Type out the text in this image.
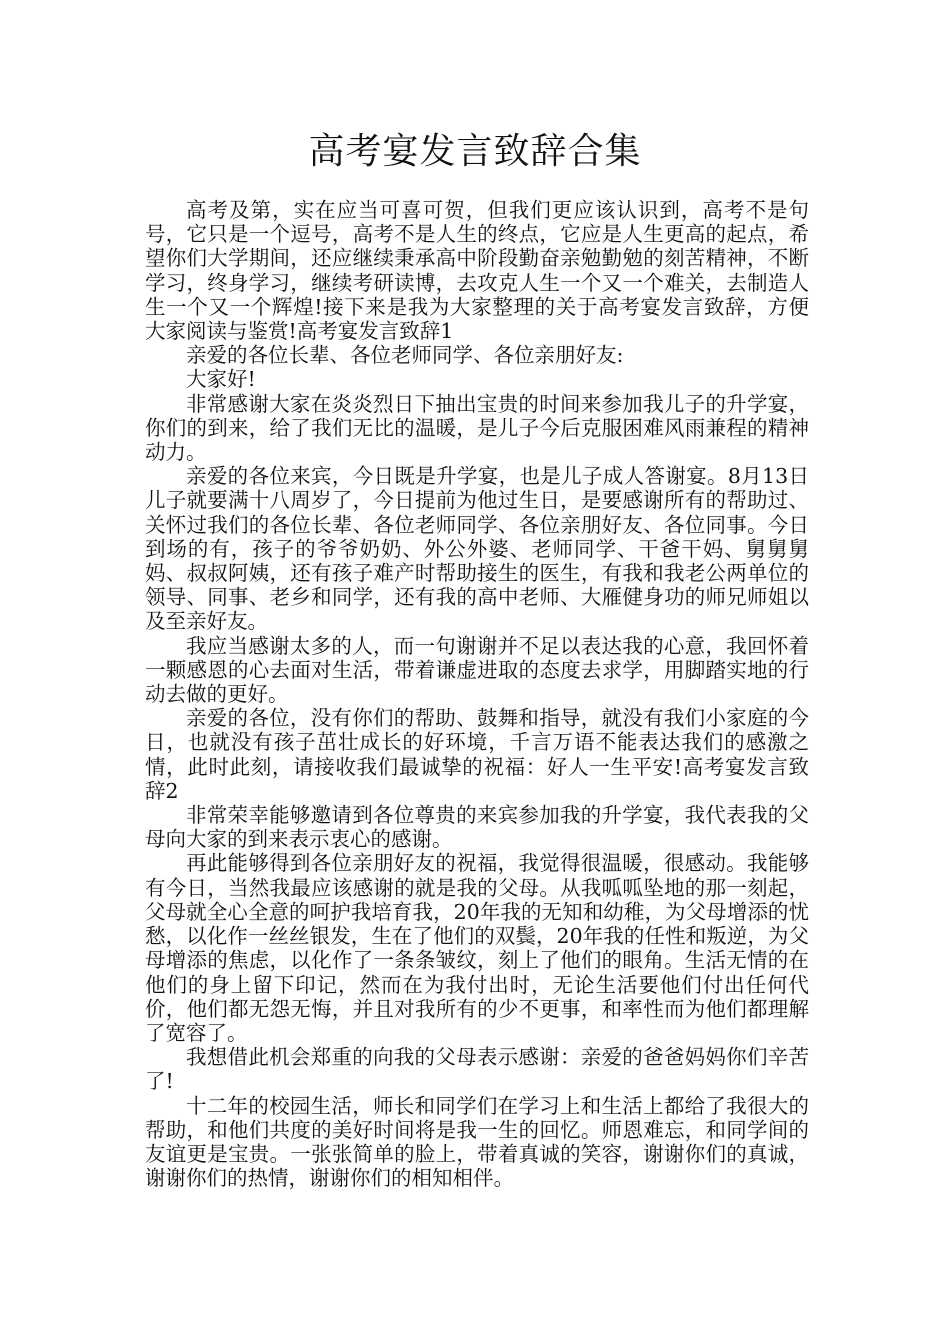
高考宴发言致辞合集

高考及第，实在应当可喜可贺，但我们更应该认识到，高考不是句号，它只是一个逗号，高考不是人生的终点，它应是人生更高的起点，希望你们大学期间，还应继续秉承高中阶段勤奋亲勉勤勉的刻苦精神，不断学习，终身学习，继续考研读博，去攻克人生一个又一个难关，去制造人生一个又一个辉煌!接下来是我为大家整理的关于高考宴发言致辞，方便大家阅读与鉴赏!高考宴发言致辞1

亲爱的各位长辈、各位老师同学、各位亲朋好友:

大家好!

非常感谢大家在炎炎烈日下抽出宝贵的时间来参加我儿子的升学宴，你们的到来，给了我们无比的温暖，是儿子今后克服困难风雨兼程的精神动力。

亲爱的各位来宾，今日既是升学宴，也是儿子成人答谢宴。8月13日儿子就要满十八周岁了，今日提前为他过生日，是要感谢所有的帮助过、关怀过我们的各位长辈、各位老师同学、各位亲朋好友、各位同事。今日到场的有，孩子的爷爷奶奶、外公外婆、老师同学、干爸干妈、舅舅舅妈、叔叔阿姨，还有孩子难产时帮助接生的医生，有我和我老公两单位的领导、同事、老乡和同学，还有我的高中老师、大雁健身功的师兄师姐以及至亲好友。

我应当感谢太多的人，而一句谢谢并不足以表达我的心意，我回怀着一颗感恩的心去面对生活，带着谦虚进取的态度去求学，用脚踏实地的行动去做的更好。

亲爱的各位，没有你们的帮助、鼓舞和指导，就没有我们小家庭的今日，也就没有孩子茁壮成长的好环境，千言万语不能表达我们的感激之情，此时此刻，请接收我们最诚挚的祝福：好人一生平安!高考宴发言致辞2

非常荣幸能够邀请到各位尊贵的来宾参加我的升学宴，我代表我的父母向大家的到来表示衷心的感谢。

再此能够得到各位亲朋好友的祝福，我觉得很温暖，很感动。我能够有今日，当然我最应该感谢的就是我的父母。从我呱呱坠地的那一刻起，父母就全心全意的呵护我培育我，20年我的无知和幼稚，为父母增添的忧愁，以化作一丝丝银发，生在了他们的双鬓，20年我的任性和叛逆，为父母增添的焦虑，以化作了一条条皱纹，刻上了他们的眼角。生活无情的在他们的身上留下印记，然而在为我付出时，无论生活要他们付出任何代价，他们都无怨无悔，并且对我所有的少不更事，和率性而为他们都理解了宽容了。

我想借此机会郑重的向我的父母表示感谢：亲爱的爸爸妈妈你们辛苦了!

十二年的校园生活，师长和同学们在学习上和生活上都给了我很大的帮助，和他们共度的美好时间将是我一生的回忆。师恩难忘，和同学间的友谊更是宝贵。一张张简单的脸上，带着真诚的笑容，谢谢你们的真诚，谢谢你们的热情，谢谢你们的相知相伴。
